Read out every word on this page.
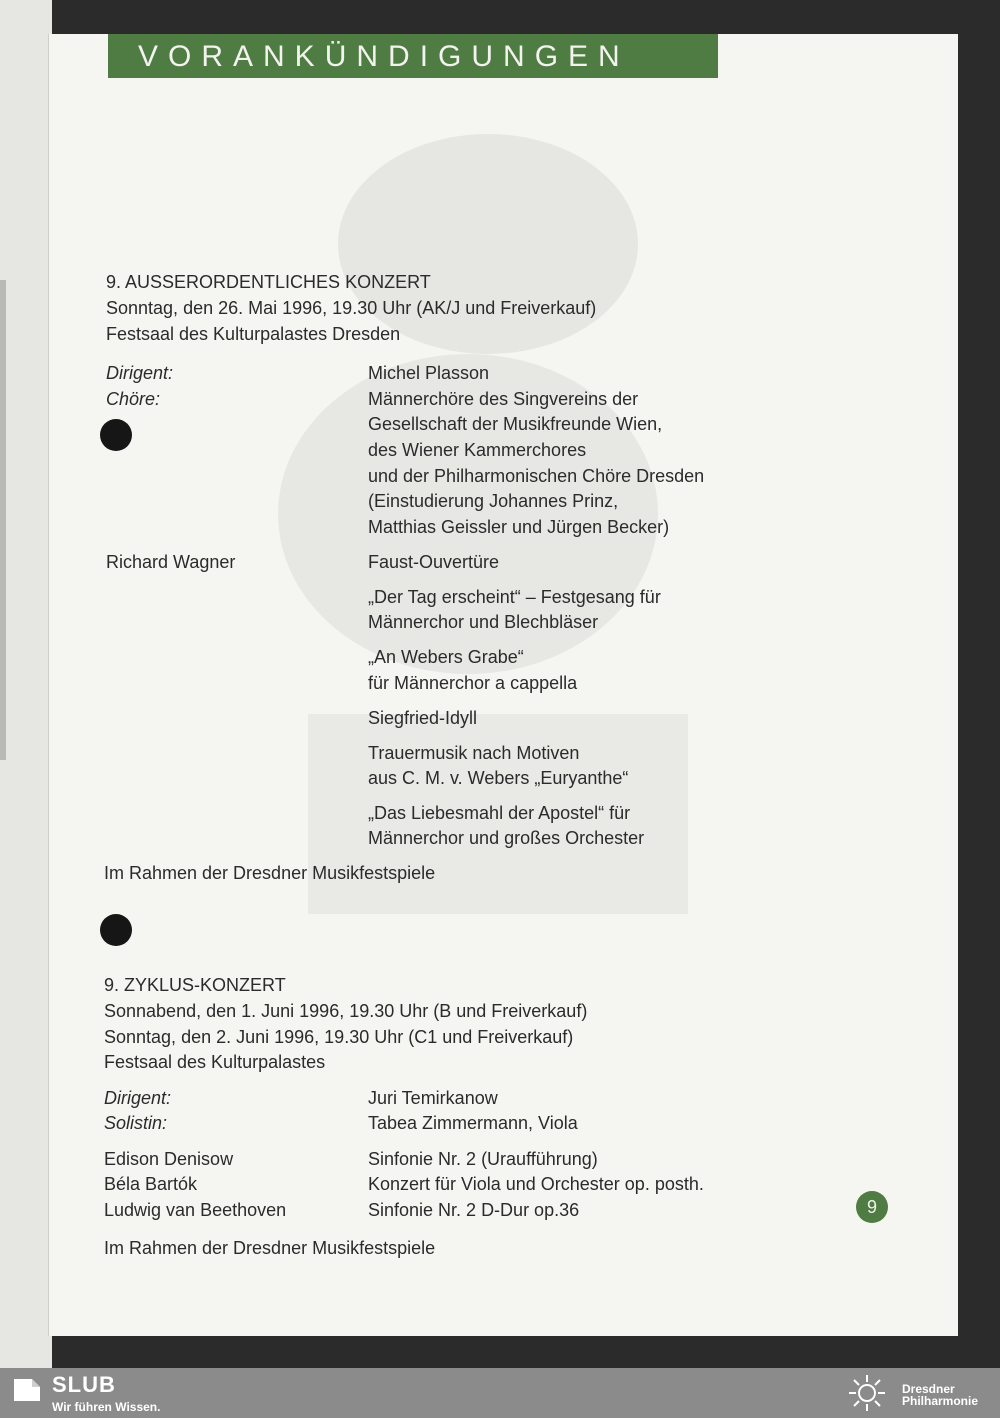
VORANKÜNDIGUNGEN
9. AUSSERORDENTLICHES KONZERT
Sonntag, den 26. Mai 1996, 19.30 Uhr (AK/J und Freiverkauf)
Festsaal des Kulturpalastes Dresden
Dirigent:	Michel Plasson
Chöre:	Männerchöre des Singvereins der
Gesellschaft der Musikfreunde Wien,
des Wiener Kammerchores
und der Philharmonischen Chöre Dresden
(Einstudierung Johannes Prinz,
Matthias Geissler und Jürgen Becker)
Richard Wagner	Faust-Ouvertüre
„Der Tag erscheint“ – Festgesang für
Männerchor und Blechbläser
„An Webers Grabe“
für Männerchor a cappella
Siegfried-Idyll
Trauermusik nach Motiven
aus C. M. v. Webers „Euryanthe“
„Das Liebesmahl der Apostel“ für
Männerchor und großes Orchester
Im Rahmen der Dresdner Musikfestspiele
9. ZYKLUS-KONZERT
Sonnabend, den 1. Juni 1996, 19.30 Uhr (B und Freiverkauf)
Sonntag, den 2. Juni 1996, 19.30 Uhr (C1 und Freiverkauf)
Festsaal des Kulturpalastes
Dirigent:	Juri Temirkanow
Solistin:	Tabea Zimmermann, Viola
Edison Denisow	Sinfonie Nr. 2 (Uraufführung)
Béla Bartók	Konzert für Viola und Orchester op. posth.
Ludwig van Beethoven	Sinfonie Nr. 2 D-Dur op.36
Im Rahmen der Dresdner Musikfestspiele
9
SLUB
Wir führen Wissen.
Dresdner
Philharmonie
